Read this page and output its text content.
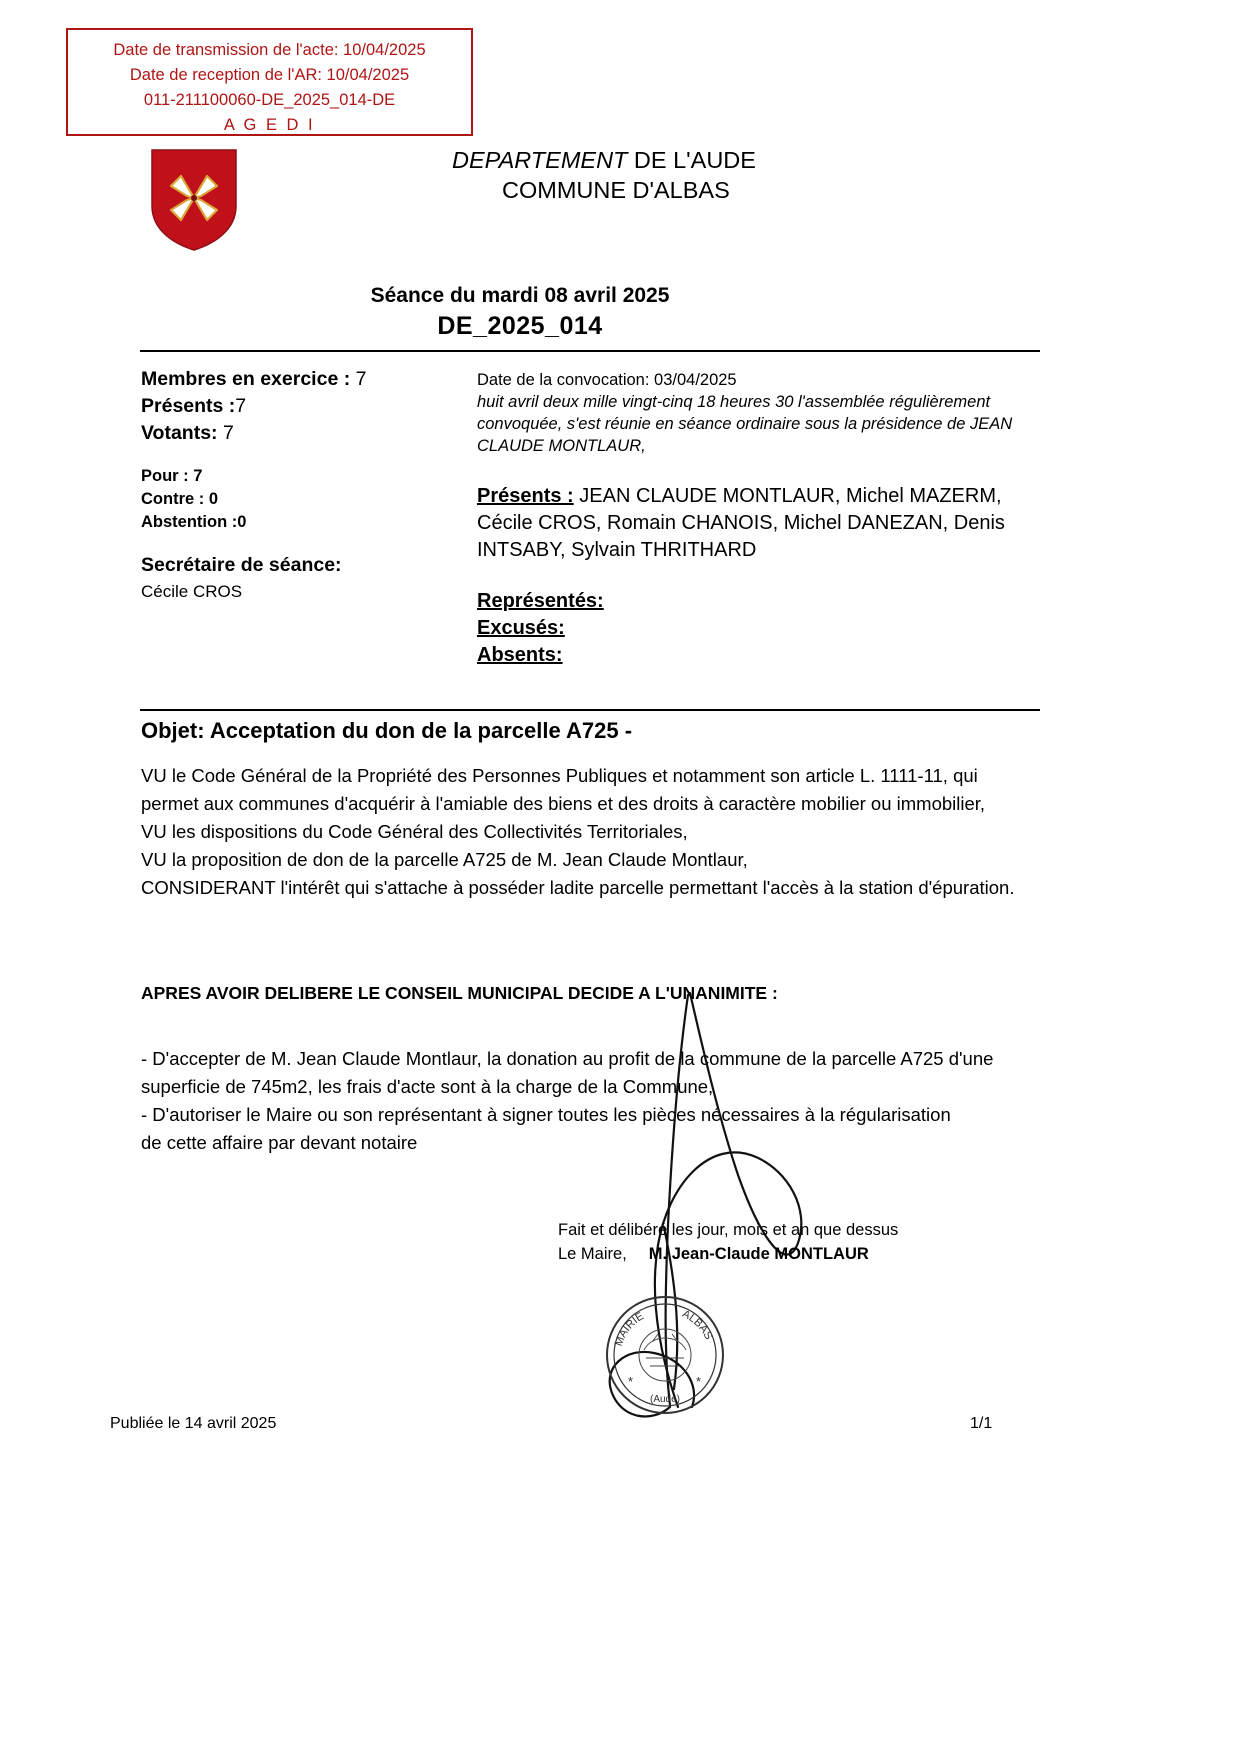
Date de transmission de l'acte: 10/04/2025
Date de reception de l'AR: 10/04/2025
011-211100060-DE_2025_014-DE
A G E D I
DEPARTEMENT DE L'AUDE
COMMUNE D'ALBAS
Séance du mardi 08 avril 2025
DE_2025_014
Membres en exercice : 7
Présents :7
Votants: 7
Pour : 7
Contre : 0
Abstention :0
Secrétaire de séance:
Cécile CROS
Date de la convocation: 03/04/2025
huit avril deux mille vingt-cinq 18 heures 30 l'assemblée régulièrement convoquée, s'est réunie en séance ordinaire sous la présidence de JEAN CLAUDE MONTLAUR,
Présents : JEAN CLAUDE MONTLAUR, Michel MAZERM, Cécile CROS, Romain CHANOIS, Michel DANEZAN, Denis INTSABY, Sylvain THRITHARD
Représentés:
Excusés:
Absents:
Objet: Acceptation du don de la parcelle A725 -

VU le Code Général de la Propriété des Personnes Publiques et notamment son article L. 1111-11, qui permet aux communes d'acquérir à l'amiable des biens et des droits à caractère mobilier ou immobilier,

VU les dispositions du Code Général des Collectivités Territoriales,

VU la proposition de don de la parcelle A725 de M. Jean Claude Montlaur,

CONSIDERANT l'intérêt qui s'attache à posséder ladite parcelle permettant l'accès à la station d'épuration.

APRES AVOIR DELIBERE LE CONSEIL MUNICIPAL DECIDE A L'UNANIMITE :

- D'accepter de M. Jean Claude Montlaur, la donation au profit de la commune de la parcelle A725 d'une superficie de 745m2, les frais d'acte sont à la charge de la Commune,

- D'autoriser le Maire ou son représentant à signer toutes les pièces nécessaires à la régularisation

de cette affaire par devant notaire

MAIRIE	ALBAS
(Aude)
*	*
Fait et délibéré les jour, mois et an que dessus
Le Maire, M. Jean-Claude MONTLAUR
Publiée le 14 avril 2025	1/1
